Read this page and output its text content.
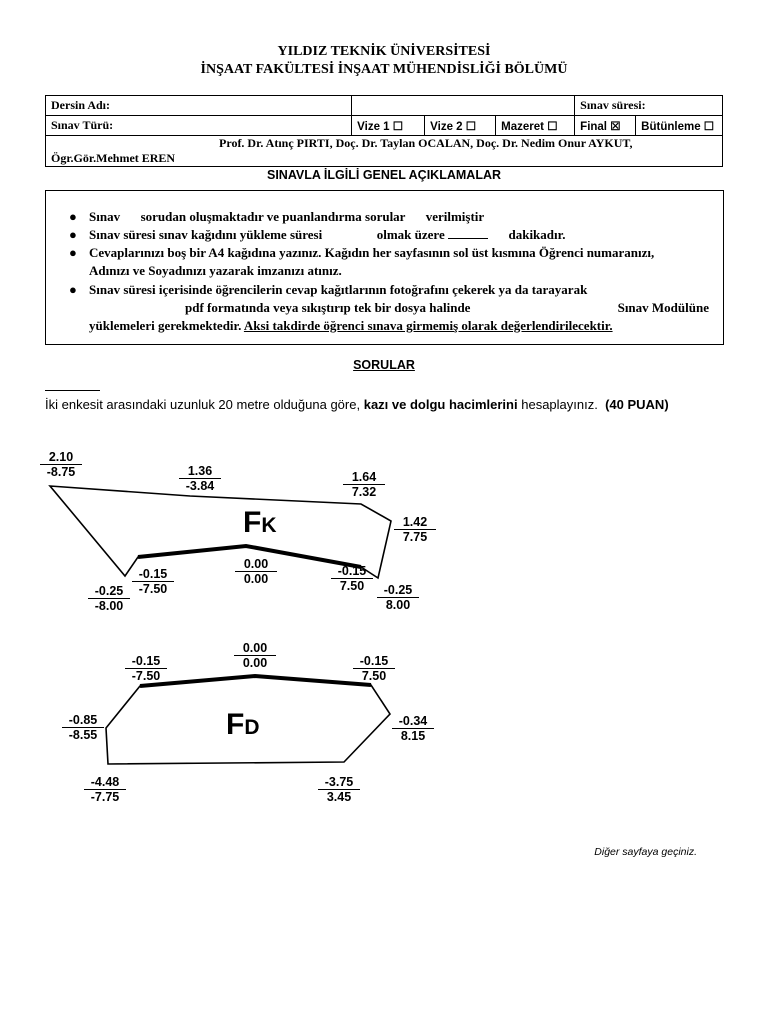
YILDIZ TEKNİK ÜNİVERSİTESİ
İNŞAAT FAKÜLTESİ İNŞAAT MÜHENDİSLİĞİ BÖLÜMÜ
Dersin Adı:				Sınav süresi:	
Sınav Türü:	Vize 1 ☐	Vize 2 ☐	Mazeret ☐	Final ☒	Bütünleme ☐

Prof. Dr. Atınç PIRTI, Doç. Dr. Taylan OCALAN, Doç. Dr. Nedim Onur AYKUT,
Ögr.Gör.Mehmet EREN					
SINAVLA İLGİLİ GENEL AÇIKLAMALAR
● Sınav sorudan oluşmaktadır ve puanlandırma sorular verilmiştir
● Sınav süresi sınav kağıdını yükleme süresi	olmak üzere	dakikadır.
● Cevaplarınızı boş bir A4 kağıdına yazınız. Kağıdın her sayfasının sol üst kısmına Öğrenci numaranızı,
Adınızı ve Soyadınızı yazarak imzanızı atınız.
● Sınav süresi içerisinde öğrencilerin cevap kağıtlarının fotoğrafını çekerek ya da tarayarak
pdf formatında veya sıkıştırıp tek bir dosya halinde	Sınav Modülüne

yüklemeleri gerekmektedir. Aksi takdirde öğrenci sınava girmemiş olarak değerlendirilecektir.
SORULAR
İki enkesit arasındaki uzunluk 20 metre olduğuna göre, kazı ve dolgu hacimlerini hesaplayınız. (40 PUAN)
FK
FD
2.10
-8.75	1.36
-3.84
1.64
7.32
1.42
7.75
-0.25
-8.00
-0.15
-7.50
0.00
0.00
-0.15
7.50	-0.25
8.00
0.00
0.00
-0.15
-7.50
-0.15
7.50
-0.85
-8.55
-0.34
8.15
-4.48
-7.75
-3.75
3.45
Diğer sayfaya geçiniz.
